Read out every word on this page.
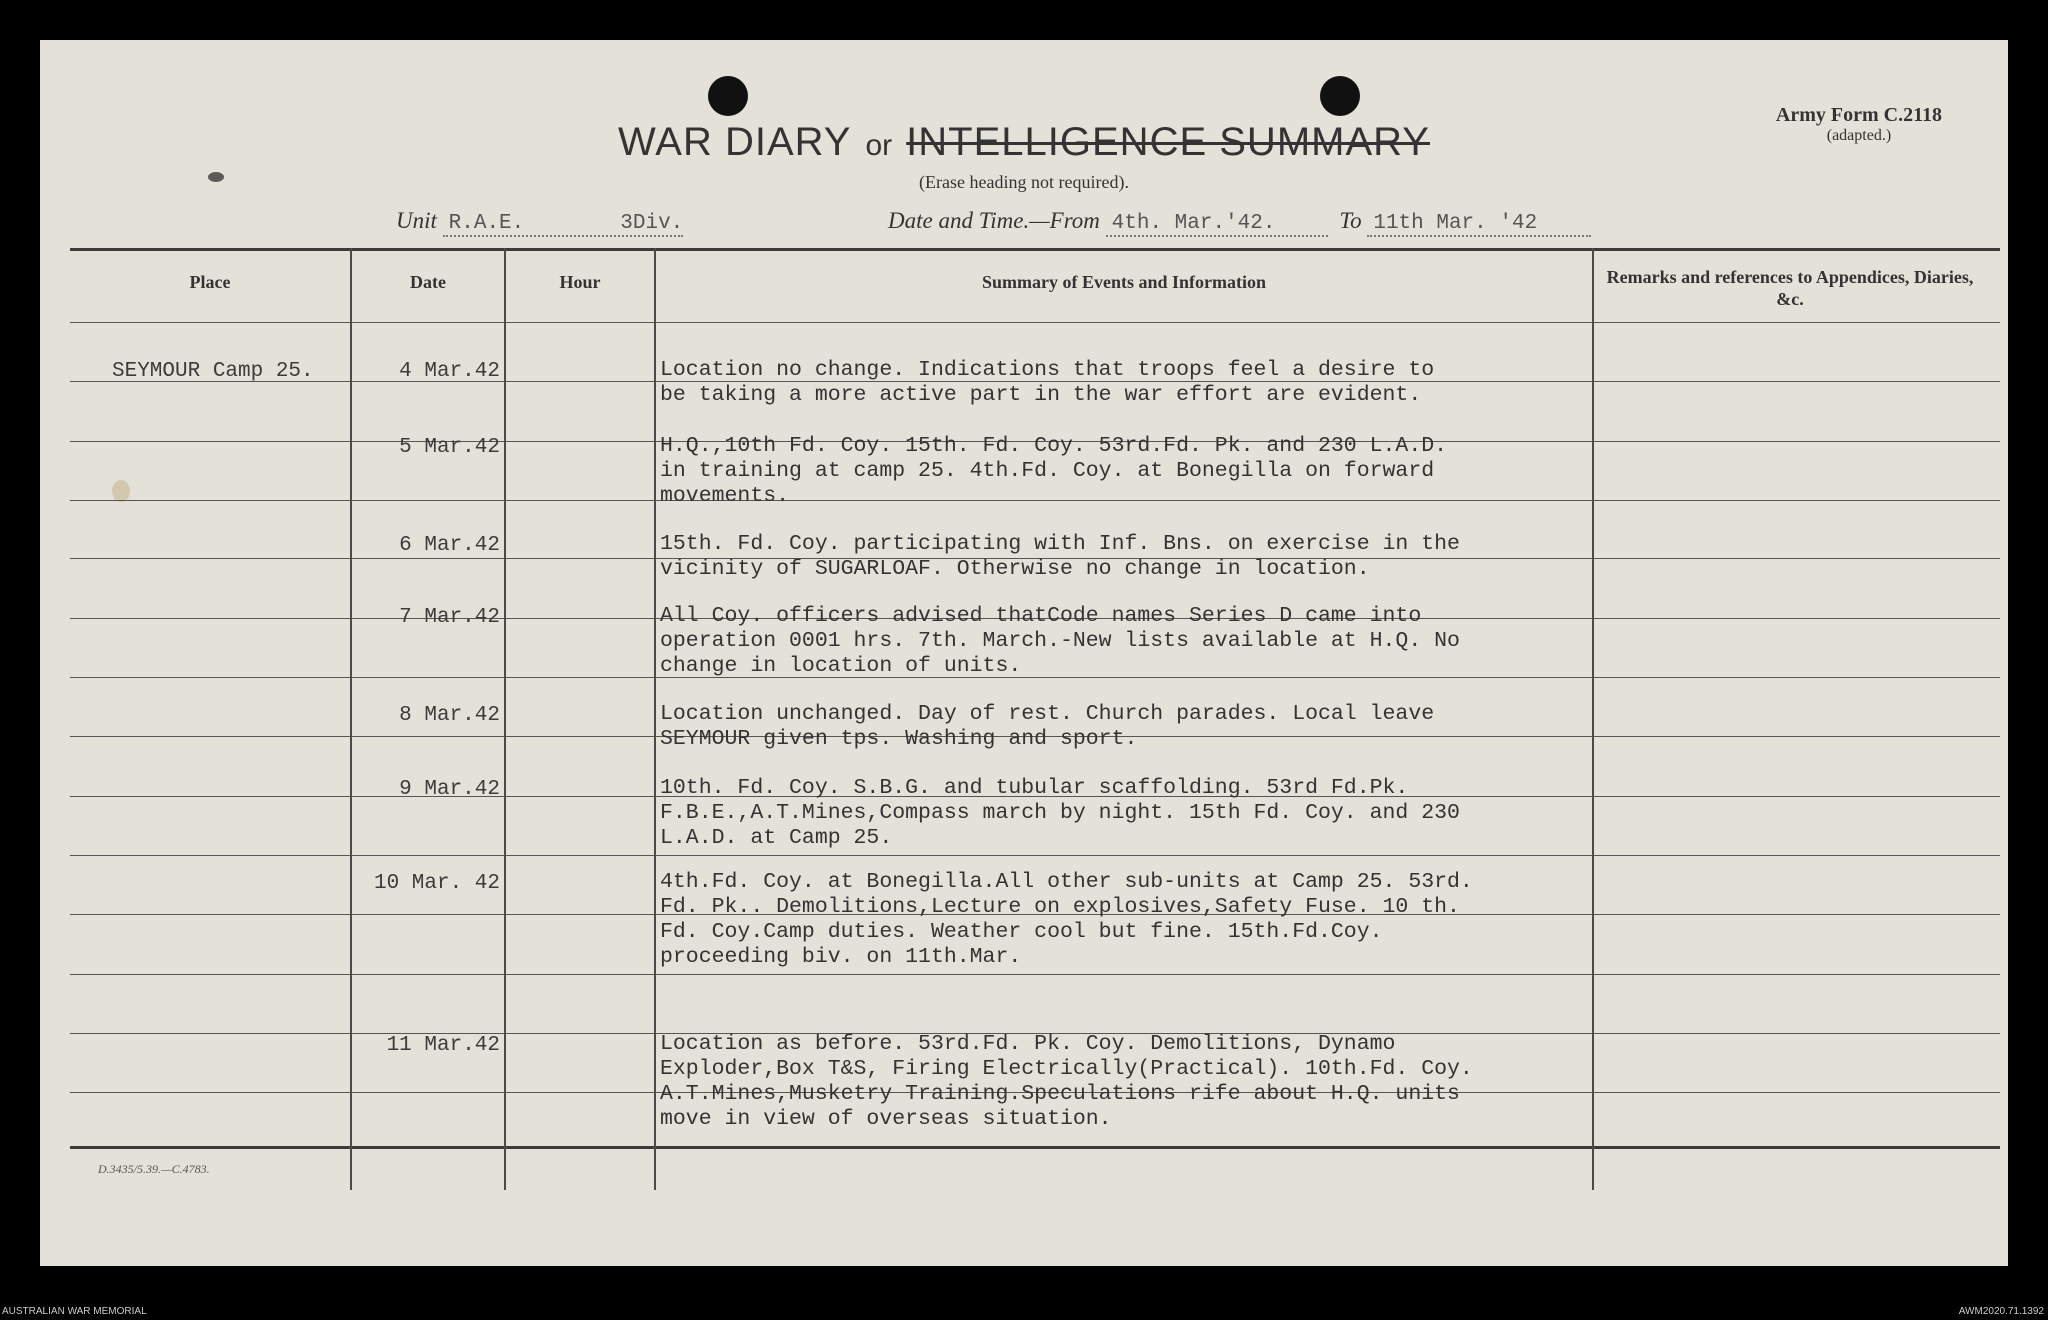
WAR DIARY or INTELLIGENCE SUMMARY
(Erase heading not required).
Army Form C.2118
(adapted.)
Unit R.A.E.	3Div.	Date and Time.—From 4th. Mar.'42.	To 11th Mar. '42
Place	Date	Hour	Summary of Events and Information	Remarks and references to Appendices, Diaries, &c.
SEYMOUR Camp 25.	4 Mar.42	Location no change. Indications that troops feel a desire to
be taking a more active part in the war effort are evident.
5 Mar.42	H.Q.,10th Fd. Coy. 15th. Fd. Coy. 53rd.Fd. Pk. and 230 L.A.D.
in training at camp 25. 4th.Fd. Coy. at Bonegilla on forward
movements.
6 Mar.42	15th. Fd. Coy. participating with Inf. Bns. on exercise in the
vicinity of SUGARLOAF. Otherwise no change in location.
7 Mar.42	All Coy. officers advised thatCode names Series D came into
operation 0001 hrs. 7th. March.-New lists available at H.Q. No
change in location of units.
8 Mar.42	Location unchanged. Day of rest. Church parades. Local leave
SEYMOUR given tps. Washing and sport.
9 Mar.42	10th. Fd. Coy. S.B.G. and tubular scaffolding. 53rd Fd.Pk.
F.B.E.,A.T.Mines,Compass march by night. 15th Fd. Coy. and 230
L.A.D. at Camp 25.
10 Mar. 42	4th.Fd. Coy. at Bonegilla.All other sub-units at Camp 25. 53rd.
Fd. Pk.. Demolitions,Lecture on explosives,Safety Fuse. 10 th.
Fd. Coy.Camp duties. Weather cool but fine. 15th.Fd.Coy.
proceeding biv. on 11th.Mar.
11 Mar.42	Location as before. 53rd.Fd. Pk. Coy. Demolitions, Dynamo
Exploder,Box T&S, Firing Electrically(Practical). 10th.Fd. Coy.
A.T.Mines,Musketry Training.Speculations rife about H.Q. units
move in view of overseas situation.
D.3435/5.39.—C.4783.
AUSTRALIAN WAR MEMORIAL	AWM2020.71.1392
